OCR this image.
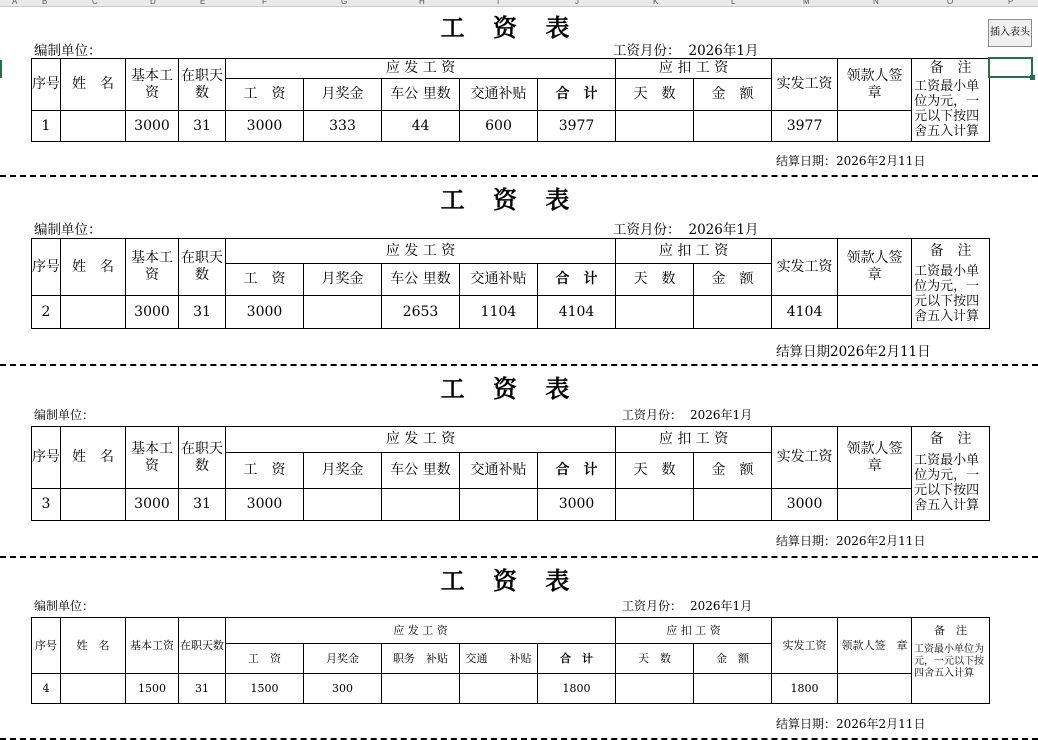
A	B	C	D	E	F	G	H	I	J	K	L	M	N	O	P
工 资 表
编制单位：	工资月份： 2026年1月
序号	姓　名	基本工资	在职天数	应 发 工 资					应 扣 工 资		实发工资	领款人签　章	备　注
				工　资	月奖金	车公 里数	交通补贴	合　计	天　数	金　额			工资最小单位为元，一元以下按四舍五入计算

1		3000	31	3000	333	44	600	3977			3977		
结算日期：2026年2月11日
工 资 表
编制单位：	工资月份： 2026年1月
序号	姓　名	基本工资	在职天数	应 发 工 资					应 扣 工 资		实发工资	领款人签　章	备　注
				工　资	月奖金	车公 里数	交通补贴	合　计	天　数	金　额			工资最小单位为元，一元以下按四舍五入计算

2		3000	31	3000		2653	1104	4104			4104		
结算日期2026年2月11日
工 资 表
编制单位：	工资月份： 2026年1月
序号	姓　名	基本工资	在职天数	应 发 工 资					应 扣 工 资		实发工资	领款人签　章	备　注
				工　资	月奖金	车公 里数	交通补贴	合　计	天　数	金　额			工资最小单位为元，一元以下按四舍五入计算

3		3000	31	3000				3000			3000		
结算日期：2026年2月11日
工 资 表
编制单位：	工资月份： 2026年1月
序号	姓　名	基本工资	在职天数	应 发 工 资					应 扣 工 资		实发工资	领款人签　章	备　注
				工　资	月奖金	职务　补贴	交通　　补贴	合　计	天　数	金　额			工资最小单位为元，一元以下按四舍五入计算

4		1500	31	1500	300			1800			1800		
结算日期：2026年2月11日
插入表头
